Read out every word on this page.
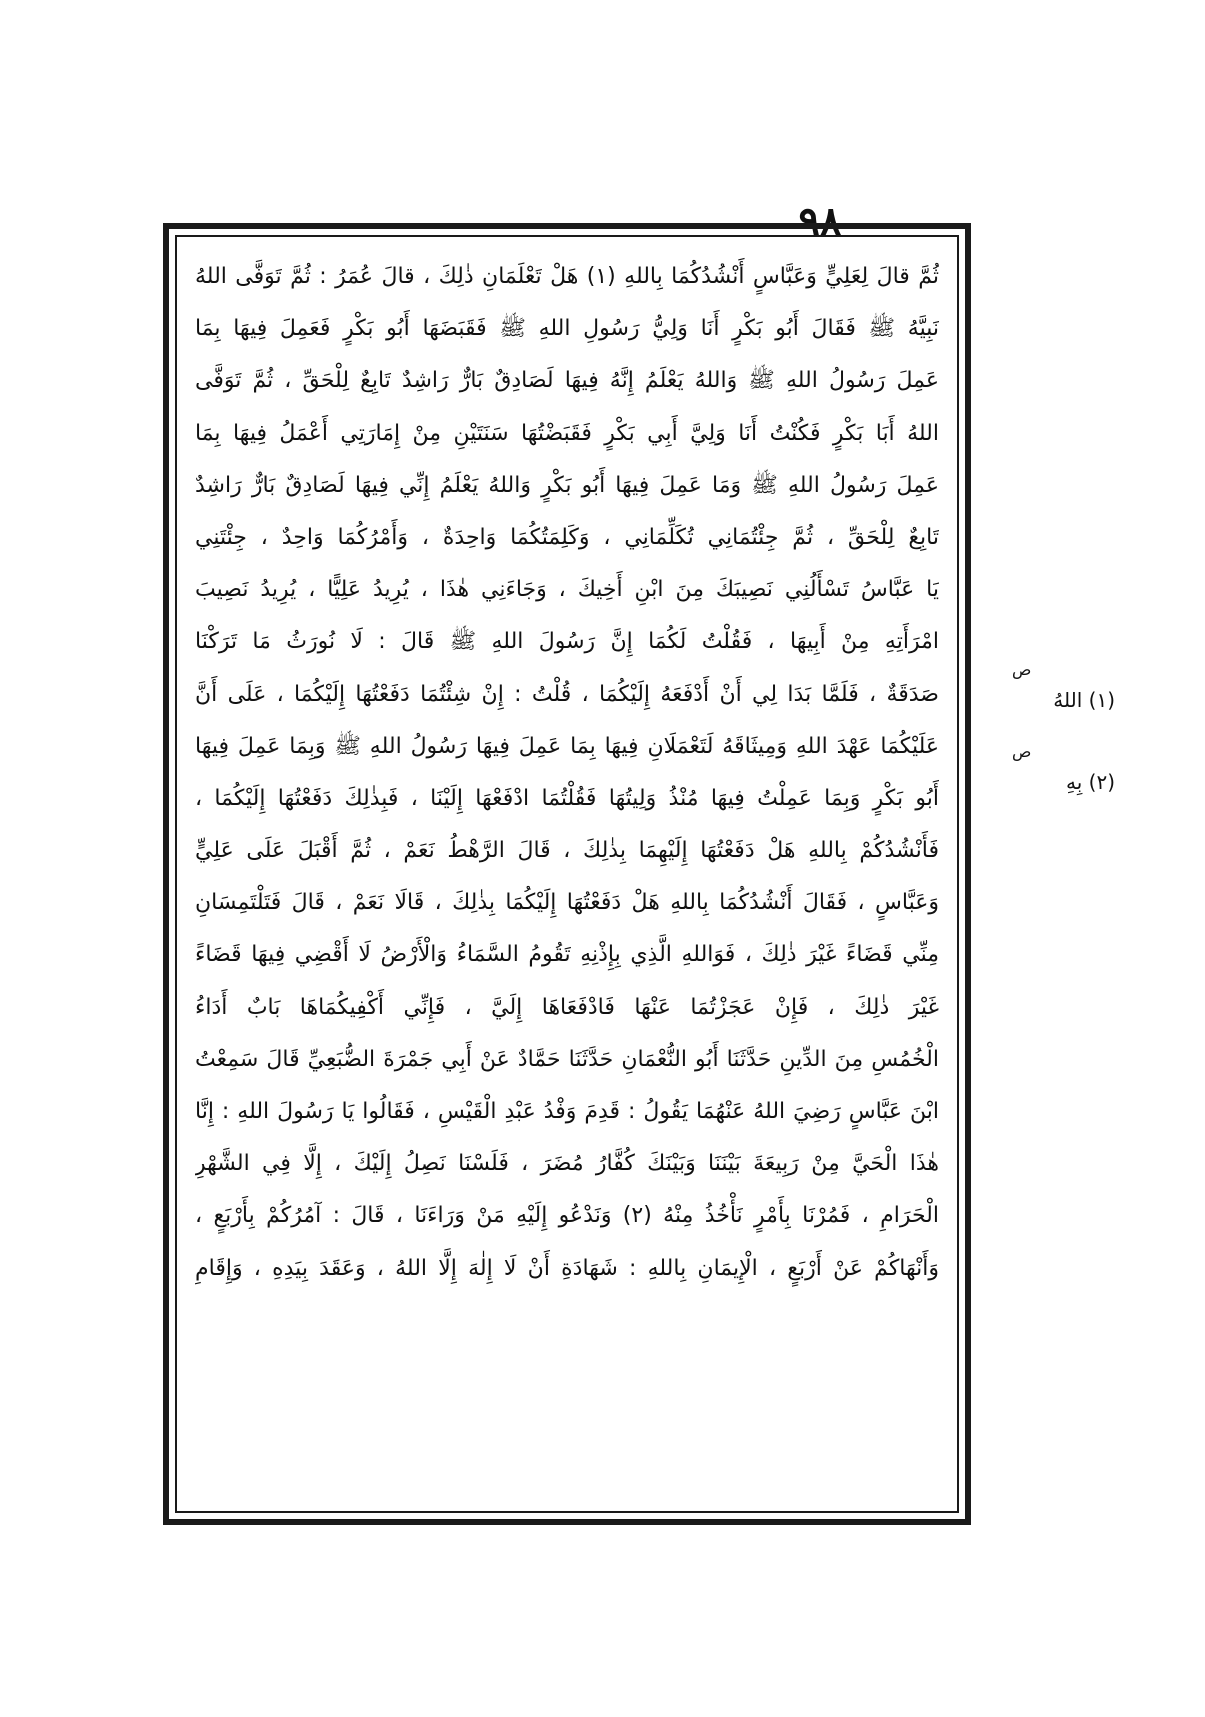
٩٨
ثُمَّ قالَ لِعَلِيٍّ وَعَبَّاسٍ أَنْشُدُكُمَا بِاللهِ (١) هَلْ تَعْلَمَانِ ذٰلِكَ ، قالَ عُمَرُ : ثُمَّ تَوَفَّى اللهُ
نَبِيَّهُ ﷺ فَقَالَ أَبُو بَكْرٍ أَنَا وَلِيُّ رَسُولِ اللهِ ﷺ فَقَبَضَهَا أَبُو بَكْرٍ فَعَمِلَ فِيهَا بِمَا
عَمِلَ رَسُولُ اللهِ ﷺ وَاللهُ يَعْلَمُ إِنَّهُ فِيهَا لَصَادِقٌ بَارٌّ رَاشِدٌ تَابِعٌ لِلْحَقِّ ، ثُمَّ تَوَفَّى
اللهُ أَبَا بَكْرٍ فَكُنْتُ أَنَا وَلِيَّ أَبِي بَكْرٍ فَقَبَضْتُهَا سَنَتَيْنِ مِنْ إِمَارَتِي أَعْمَلُ فِيهَا بِمَا
عَمِلَ رَسُولُ اللهِ ﷺ وَمَا عَمِلَ فِيهَا أَبُو بَكْرٍ وَاللهُ يَعْلَمُ إِنِّي فِيهَا لَصَادِقٌ بَارٌّ رَاشِدٌ
تَابِعٌ لِلْحَقِّ ، ثُمَّ جِئْتُمَانِي تُكَلِّمَانِي ، وَكَلِمَتُكُمَا وَاحِدَةٌ ، وَأَمْرُكُمَا وَاحِدٌ ، جِئْتَنِي
يَا عَبَّاسُ تَسْأَلُنِي نَصِيبَكَ مِنَ ابْنِ أَخِيكَ ، وَجَاءَنِي هٰذَا ، يُرِيدُ عَلِيًّا ، يُرِيدُ نَصِيبَ
امْرَأَتِهِ مِنْ أَبِيهَا ، فَقُلْتُ لَكُمَا إِنَّ رَسُولَ اللهِ ﷺ قَالَ : لَا نُورَثُ مَا تَرَكْنَا
صَدَقَةٌ ، فَلَمَّا بَدَا لِي أَنْ أَدْفَعَهُ إِلَيْكُمَا ، قُلْتُ : إِنْ شِئْتُمَا دَفَعْتُهَا إِلَيْكُمَا ، عَلَى أَنَّ
عَلَيْكُمَا عَهْدَ اللهِ وَمِيثَاقَهُ لَتَعْمَلَانِ فِيهَا بِمَا عَمِلَ فِيهَا رَسُولُ اللهِ ﷺ وَبِمَا عَمِلَ فِيهَا
أَبُو بَكْرٍ وَبِمَا عَمِلْتُ فِيهَا مُنْذُ وَلِيتُهَا فَقُلْتُمَا ادْفَعْهَا إِلَيْنَا ، فَبِذٰلِكَ دَفَعْتُهَا إِلَيْكُمَا ،
فَأَنْشُدُكُمْ بِاللهِ هَلْ دَفَعْتُهَا إِلَيْهِمَا بِذٰلِكَ ، قَالَ الرَّهْطُ نَعَمْ ، ثُمَّ أَقْبَلَ عَلَى عَلِيٍّ
وَعَبَّاسٍ ، فَقَالَ أَنْشُدُكُمَا بِاللهِ هَلْ دَفَعْتُهَا إِلَيْكُمَا بِذٰلِكَ ، قَالَا نَعَمْ ، قَالَ فَتَلْتَمِسَانِ
مِنِّي قَضَاءً غَيْرَ ذٰلِكَ ، فَوَاللهِ الَّذِي بِإِذْنِهِ تَقُومُ السَّمَاءُ وَالْأَرْضُ لَا أَقْضِي فِيهَا قَضَاءً
غَيْرَ ذٰلِكَ ، فَإِنْ عَجَزْتُمَا عَنْهَا فَادْفَعَاهَا إِلَيَّ ، فَإِنِّي أَكْفِيكُمَاهَا بَابٌ أَدَاءُ
الْخُمُسِ مِنَ الدِّينِ حَدَّثَنَا أَبُو النُّعْمَانِ حَدَّثَنَا حَمَّادٌ عَنْ أَبِي جَمْرَةَ الضُّبَعِيِّ قَالَ سَمِعْتُ
ابْنَ عَبَّاسٍ رَضِيَ اللهُ عَنْهُمَا يَقُولُ : قَدِمَ وَفْدُ عَبْدِ الْقَيْسِ ، فَقَالُوا يَا رَسُولَ اللهِ : إِنَّا
هٰذَا الْحَيَّ مِنْ رَبِيعَةَ بَيْنَنَا وَبَيْنَكَ كُفَّارُ مُضَرَ ، فَلَسْنَا نَصِلُ إِلَيْكَ ، إِلَّا فِي الشَّهْرِ
الْحَرَامِ ، فَمُرْنَا بِأَمْرٍ نَأْخُذُ مِنْهُ (٢) وَنَدْعُو إِلَيْهِ مَنْ وَرَاءَنَا ، قَالَ : آمُرُكُمْ بِأَرْبَعٍ ،
وَأَنْهَاكُمْ عَنْ أَرْبَعٍ ، الْإِيمَانِ بِاللهِ : شَهَادَةِ أَنْ لَا إِلٰهَ إِلَّا اللهُ ، وَعَقَدَ بِيَدِهِ ، وَإِقَامِ
ص
ص
(١) اللهُ
(٢) بِهِ
